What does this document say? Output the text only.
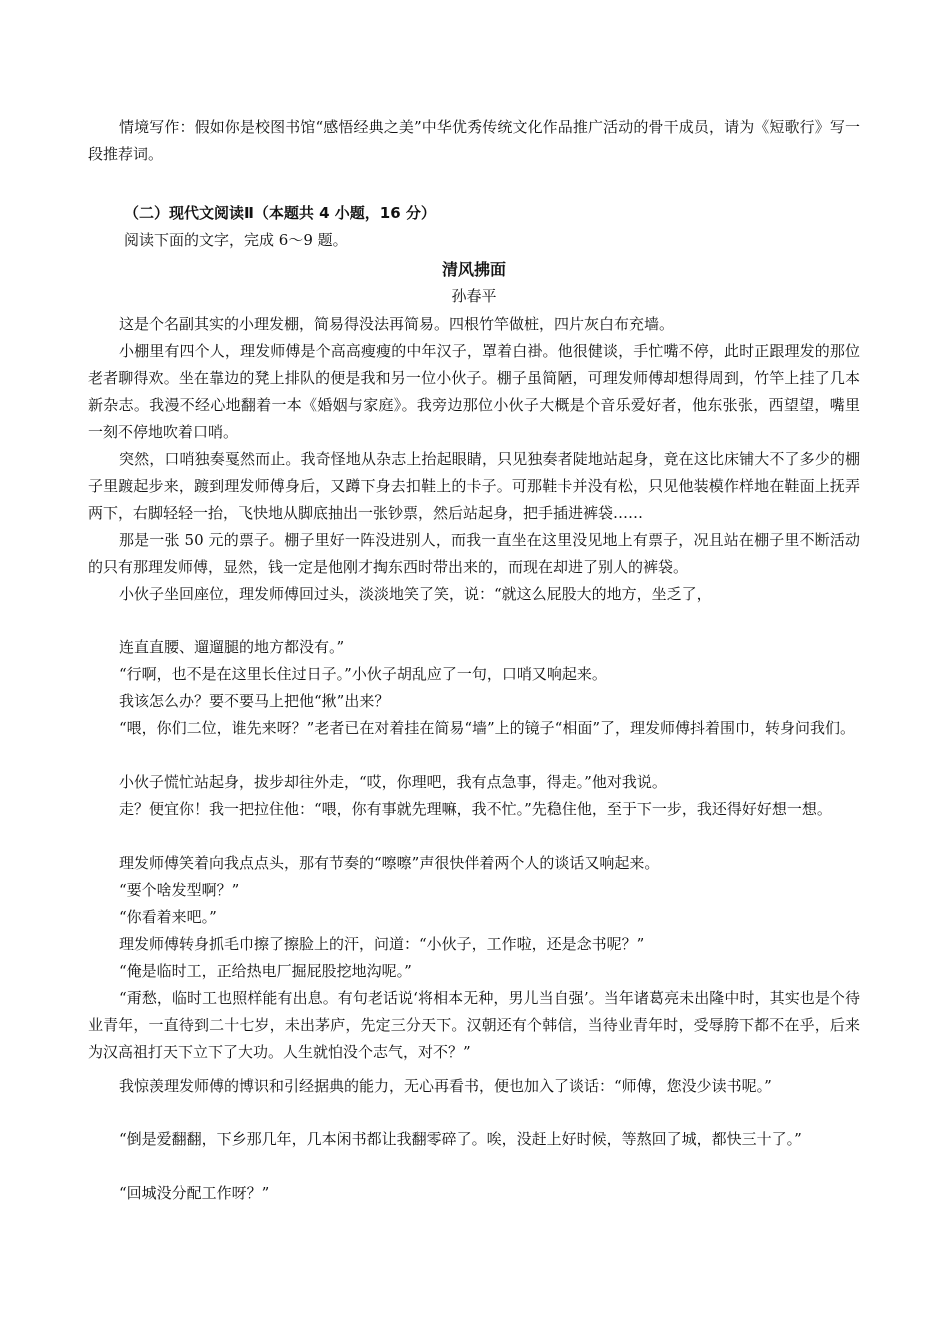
情境写作：假如你是校图书馆“感悟经典之美”中华优秀传统文化作品推广活动的骨干成员，请为《短歌行》写一段推荐词。

（二）现代文阅读Ⅱ（本题共 4 小题，16 分）

阅读下面的文字，完成 6～9 题。

清风拂面

孙春平

这是个名副其实的小理发棚，简易得没法再简易。四根竹竿做桩，四片灰白布充墙。

小棚里有四个人，理发师傅是个高高瘦瘦的中年汉子，罩着白褂。他很健谈，手忙嘴不停，此时正跟理发的那位老者聊得欢。坐在靠边的凳上排队的便是我和另一位小伙子。棚子虽简陋，可理发师傅却想得周到，竹竿上挂了几本新杂志。我漫不经心地翻着一本《婚姻与家庭》。我旁边那位小伙子大概是个音乐爱好者，他东张张，西望望，嘴里一刻不停地吹着口哨。

突然，口哨独奏戛然而止。我奇怪地从杂志上抬起眼睛，只见独奏者陡地站起身，竟在这比床铺大不了多少的棚子里踱起步来，踱到理发师傅身后，又蹲下身去扣鞋上的卡子。可那鞋卡并没有松，只见他装模作样地在鞋面上抚弄两下，右脚轻轻一抬，飞快地从脚底抽出一张钞票，然后站起身，把手插进裤袋……

那是一张 50 元的票子。棚子里好一阵没进别人，而我一直坐在这里没见地上有票子，况且站在棚子里不断活动的只有那理发师傅，显然，钱一定是他刚才掏东西时带出来的，而现在却进了别人的裤袋。

小伙子坐回座位，理发师傅回过头，淡淡地笑了笑，说：“就这么屁股大的地方，坐乏了，

连直直腰、遛遛腿的地方都没有。”

“行啊，也不是在这里长住过日子。”小伙子胡乱应了一句，口哨又响起来。

我该怎么办？要不要马上把他“揪”出来？

“喂，你们二位，谁先来呀？”老者已在对着挂在简易“墙”上的镜子“相面”了，理发师傅抖着围巾，转身问我们。

小伙子慌忙站起身，拔步却往外走，“哎，你理吧，我有点急事，得走。”他对我说。

走？便宜你！我一把拉住他：“喂，你有事就先理嘛，我不忙。”先稳住他，至于下一步，我还得好好想一想。

理发师傅笑着向我点点头，那有节奏的“嚓嚓”声很快伴着两个人的谈话又响起来。

“要个啥发型啊？”

“你看着来吧。”

理发师傅转身抓毛巾擦了擦脸上的汗，问道：“小伙子，工作啦，还是念书呢？”

“俺是临时工，正给热电厂掘屁股挖地沟呢。”

“甭愁，临时工也照样能有出息。有句老话说‘将相本无种，男儿当自强’。当年诸葛亮未出隆中时，其实也是个待业青年，一直待到二十七岁，未出茅庐，先定三分天下。汉朝还有个韩信，当待业青年时，受辱胯下都不在乎，后来为汉高祖打天下立下了大功。人生就怕没个志气，对不？”

我惊羡理发师傅的博识和引经据典的能力，无心再看书，便也加入了谈话：“师傅，您没少读书呢。”

“倒是爱翻翻，下乡那几年，几本闲书都让我翻零碎了。唉，没赶上好时候，等熬回了城，都快三十了。”

“回城没分配工作呀？”
